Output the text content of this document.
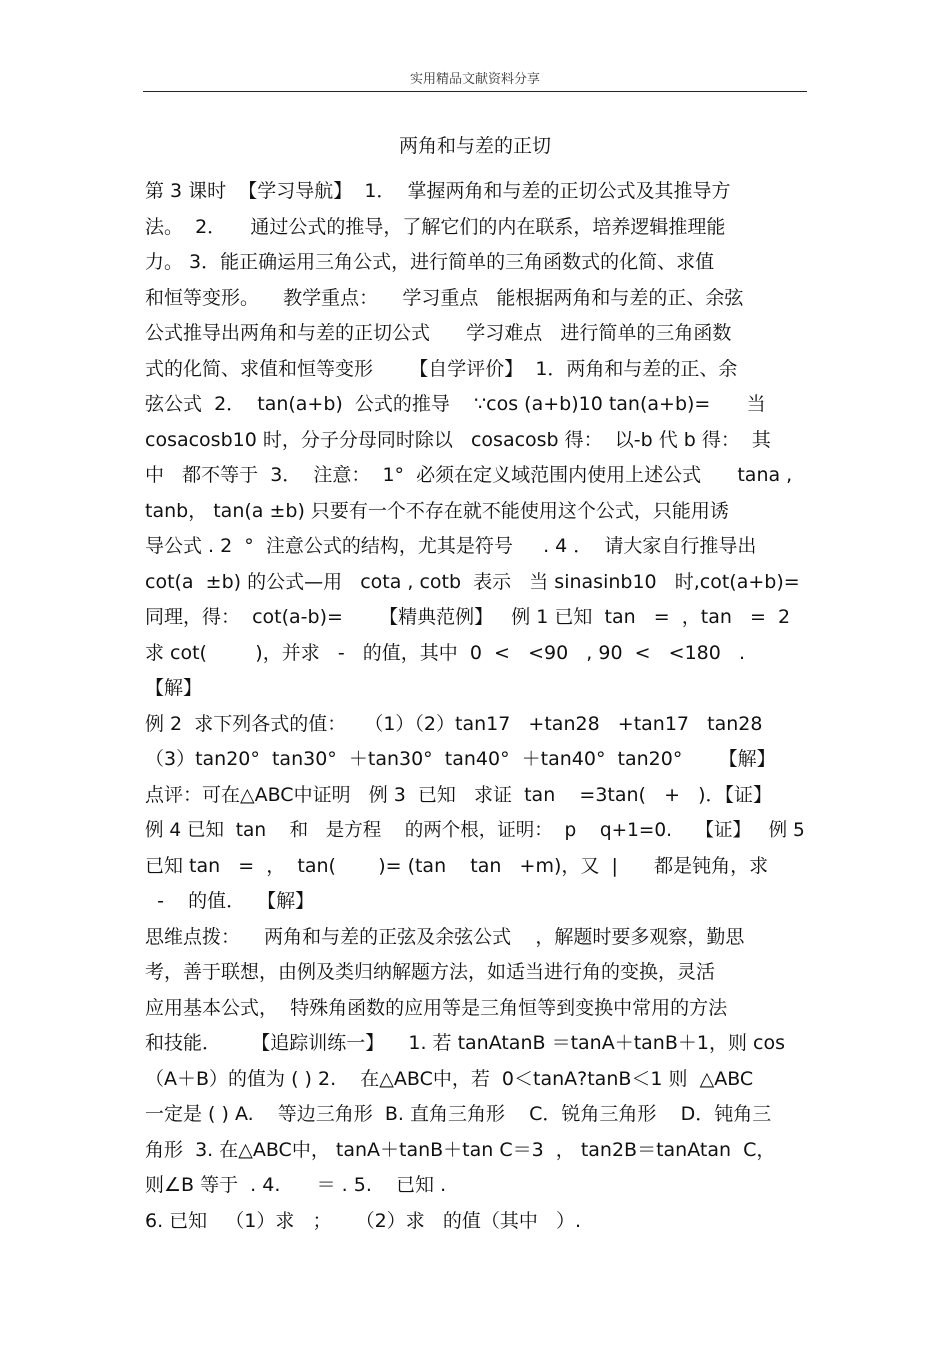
实用精品文献资料分享
两角和与差的正切
第 3 课时  【学习导航】  1．  掌握两角和与差的正切公式及其推导方
法。  2．    通过公式的推导，了解它们的内在联系，培养逻辑推理能
力。 3．能正确运用三角公式，进行简单的三角函数式的化简、求值
和恒等变形。    教学重点：    学习重点   能根据两角和与差的正、余弦
公式推导出两角和与差的正切公式      学习难点   进行简单的三角函数
式的化简、求值和恒等变形      【自学评价】  1．两角和与差的正、余
弦公式  2．  tan(a+b)  公式的推导    ∵cos (a+b)10 tan(a+b)=      当
cosacosb10 时，分子分母同时除以   cosacosb 得：  以-b 代 b 得：  其
中   都不等于  3．  注意：  1°  必须在定义域范围内使用上述公式      tana ,
tanb， tan(a ±b) 只要有一个不存在就不能使用这个公式，只能用诱
导公式 . 2  °  注意公式的结构，尤其是符号     . 4 ．  请大家自行推导出
cot(a  ±b) 的公式—用   cota , cotb  表示   当 sinasinb10   时,cot(a+b)=
同理，得：  cot(a-b)=      【精典范例】   例 1 已知  tan   =  ，tan   =  2
求 cot(        )，并求   -   的值，其中  0  <   <90   , 90  <   <180   .
【解】
例 2  求下列各式的值：   （1）（2）tan17   +tan28   +tan17   tan28
（3）tan20°  tan30°  ＋tan30°  tan40°  ＋tan40°  tan20°      【解】
点评：可在△ABC中证明   例 3  已知   求证  tan    =3tan(   +   )．【证】
例 4 已知  tan    和   是方程    的两个根，证明：  p    q+1=0.    【证】   例 5
已知 tan   =  ，  tan(       )= (tan    tan   +m)，又  |      都是钝角，求
-    的值．  【解】
思维点拨：    两角和与差的正弦及余弦公式    ，解题时要多观察，勤思
考，善于联想，由例及类归纳解题方法，如适当进行角的变换，灵活
应用基本公式，  特殊角函数的应用等是三角恒等到变换中常用的方法
和技能．     【追踪训练一】    1. 若 tanAtanB ＝tanA＋tanB＋1，则 cos
（A＋B）的值为 ( ) 2.    在△ABC中，若  0＜tanA?tanB＜1 则  △ABC
一定是 ( ) A.    等边三角形  B. 直角三角形    C．锐角三角形    D．钝角三
角形  3. 在△ABC中， tanA＋tanB＋tan C＝3  ， tan2B＝tanAtan  C，
则∠B 等于  . 4.      ＝ . 5.    已知 .
6. 已知   （1）求   ；    （2）求   的值（其中   ）.
